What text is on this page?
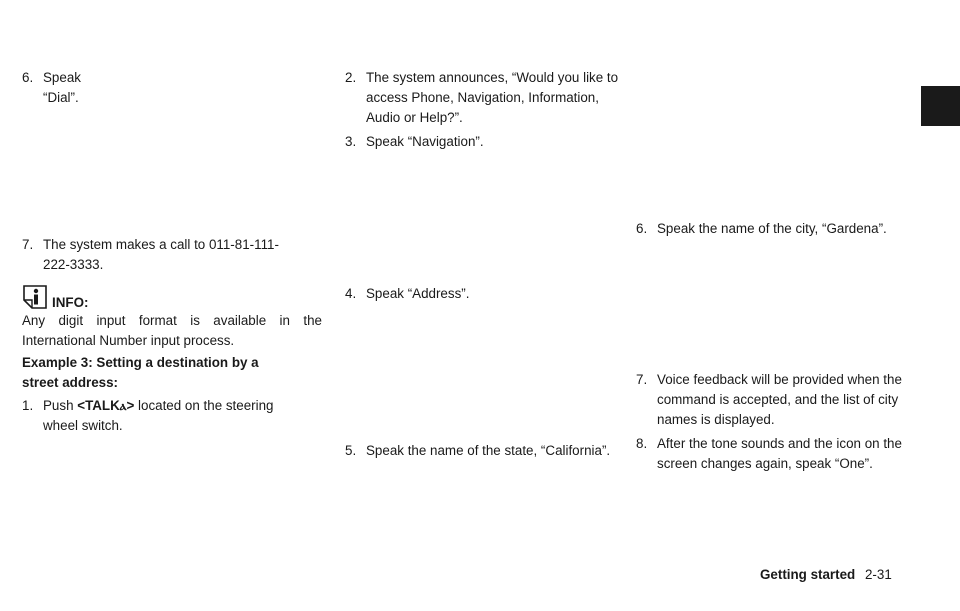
6. Speak “Dial”.
7. The system makes a call to 011-81-111-
222-3333.
INFO:
Any digit input format is available in the
International Number input process.
Example 3: Setting a destination by a
street address:
1. Push <TALKⲁ> located on the steering
wheel switch.
2. The system announces, “Would you like to
access Phone, Navigation, Information,
Audio or Help?”.
3. Speak “Navigation”.
4. Speak “Address”.
5. Speak the name of the state, “California”.
6. Speak the name of the city, “Gardena”.
7. Voice feedback will be provided when the
command is accepted, and the list of city
names is displayed.
8. After the tone sounds and the icon on the
screen changes again, speak “One”.
Getting started 2-31
